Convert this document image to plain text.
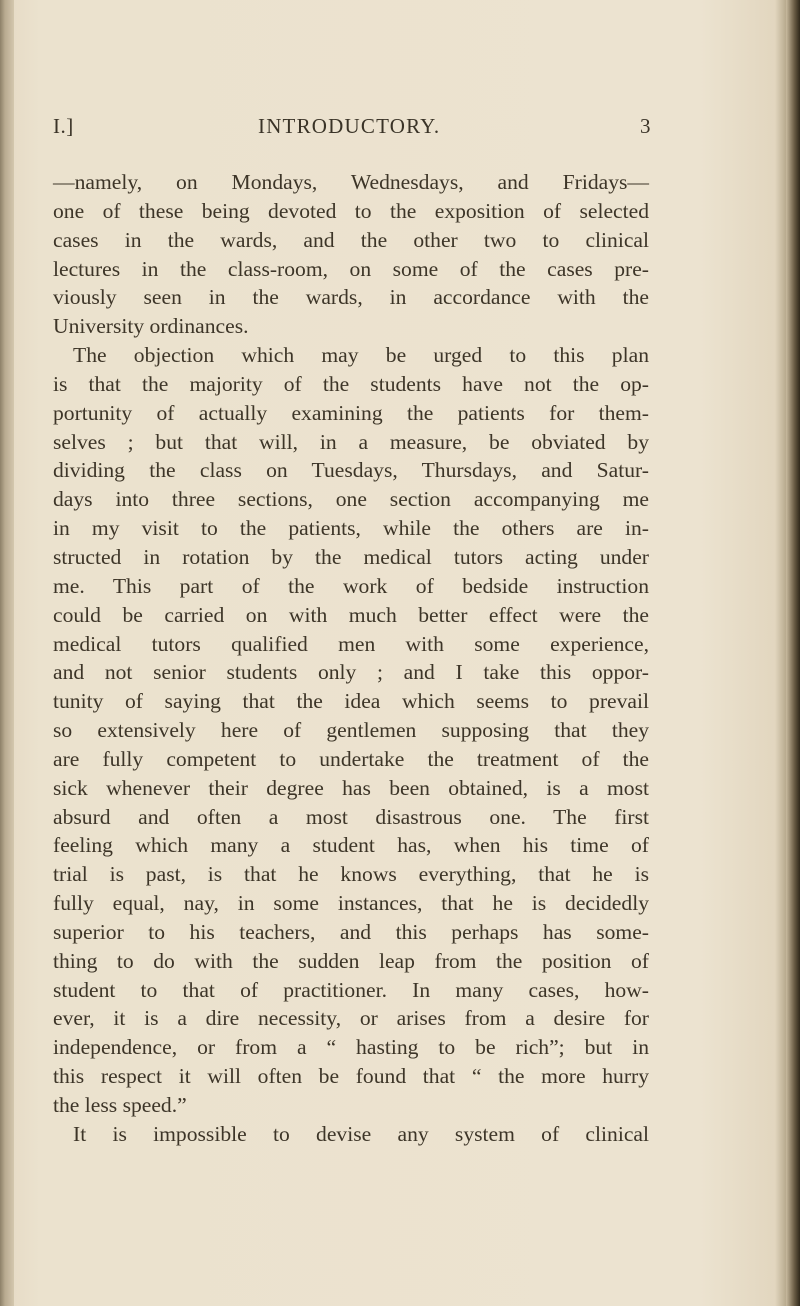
I.]	INTRODUCTORY.	3
—namely, on Mondays, Wednesdays, and Fridays—
one of these being devoted to the exposition of selected
cases in the wards, and the other two to clinical
lectures in the class-room, on some of the cases pre-
viously seen in the wards, in accordance with the
University ordinances.
The objection which may be urged to this plan
is that the majority of the students have not the op-
portunity of actually examining the patients for them-
selves ; but that will, in a measure, be obviated by
dividing the class on Tuesdays, Thursdays, and Satur-
days into three sections, one section accompanying me
in my visit to the patients, while the others are in-
structed in rotation by the medical tutors acting under
me. This part of the work of bedside instruction
could be carried on with much better effect were the
medical tutors qualified men with some experience,
and not senior students only ; and I take this oppor-
tunity of saying that the idea which seems to prevail
so extensively here of gentlemen supposing that they
are fully competent to undertake the treatment of the
sick whenever their degree has been obtained, is a most
absurd and often a most disastrous one. The first
feeling which many a student has, when his time of
trial is past, is that he knows everything, that he is
fully equal, nay, in some instances, that he is decidedly
superior to his teachers, and this perhaps has some-
thing to do with the sudden leap from the position of
student to that of practitioner. In many cases, how-
ever, it is a dire necessity, or arises from a desire for
independence, or from a “ hasting to be rich”; but in
this respect it will often be found that “ the more hurry
the less speed.”
It is impossible to devise any system of clinical
